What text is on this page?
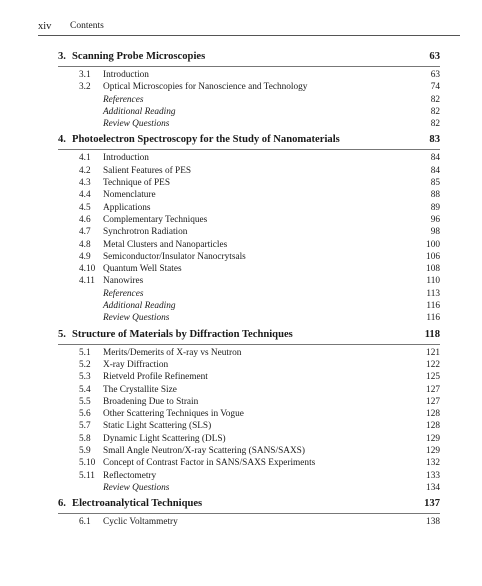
xiv Contents
3. Scanning Probe Microscopies	63
3.1 Introduction	63
3.2 Optical Microscopies for Nanoscience and Technology	74
References	82
Additional Reading	82
Review Questions	82
4. Photoelectron Spectroscopy for the Study of Nanomaterials	83
4.1 Introduction	84
4.2 Salient Features of PES	84
4.3 Technique of PES	85
4.4 Nomenclature	88
4.5 Applications	89
4.6 Complementary Techniques	96
4.7 Synchrotron Radiation	98
4.8 Metal Clusters and Nanoparticles	100
4.9 Semiconductor/Insulator Nanocrytsals	106
4.10 Quantum Well States	108
4.11 Nanowires	110
References	113
Additional Reading	116
Review Questions	116
5. Structure of Materials by Diffraction Techniques	118
5.1 Merits/Demerits of X-ray vs Neutron	121
5.2 X-ray Diffraction	122
5.3 Rietveld Profile Refinement	125
5.4 The Crystallite Size	127
5.5 Broadening Due to Strain	127
5.6 Other Scattering Techniques in Vogue	128
5.7 Static Light Scattering (SLS)	128
5.8 Dynamic Light Scattering (DLS)	129
5.9 Small Angle Neutron/X-ray Scattering (SANS/SAXS)	129
5.10 Concept of Contrast Factor in SANS/SAXS Experiments	132
5.11 Reflectometry	133
Review Questions	134
6. Electroanalytical Techniques	137
6.1 Cyclic Voltammetry	138
